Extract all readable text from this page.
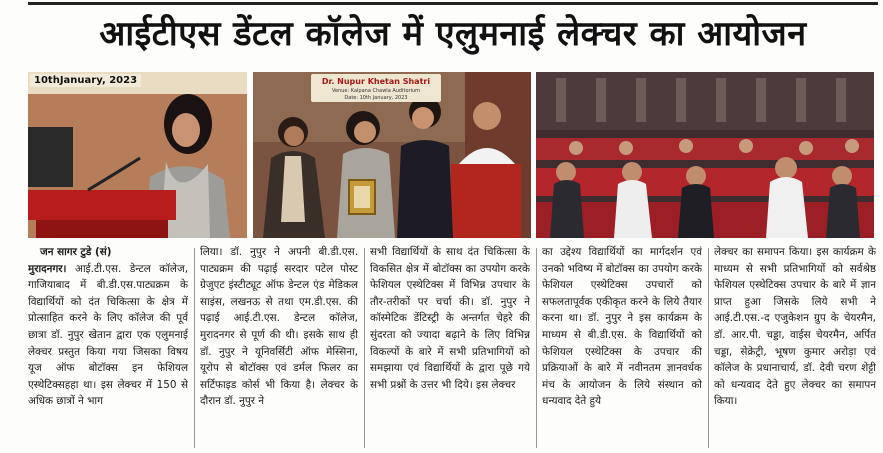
आईटीएस डेंटल कॉलेज में एलुमनाई लेक्चर का आयोजन
10thJanuary, 2023	Dr. Nupur Khetan Shatri
Venue: Kalpana Chawla Auditorium
Date: 10th January, 2023

जन सागर टुडे (सं)

मुरादनगर। आई.टी.एस. डेन्टल कॉलेज, गाजियाबाद में बी.डी.एस.पाट्यक्रम के विद्यार्थियों को दंत चिकित्सा के क्षेत्र में प्रोत्साहित करने के लिए कॉलेज की पूर्व छात्रा डॉ. नुपुर खेतान द्वारा एक एलुमनाई लेक्चर प्रस्तुत किया गया जिसका विषय यूज ऑफ बोटॉक्स इन फेशियल एस्थेटिक्सहहा था। इस लेक्चर में 150 से अधिक छात्रों ने भाग

लिया। डॉ. नुपुर ने अपनी बी.डी.एस. पाट्यक्रम की पढ़ाई सरदार पटेल पोस्ट ग्रेजुएट इंस्टीट्यूट ऑफ डेन्टल एंड मेडिकल साइंस, लखनऊ से तथा एम.डी.एस. की पढ़ाई आई.टी.एस. डेन्टल कॉलेज, मुरादनगर से पूर्ण की थी। इसके साथ ही डॉ. नुपुर ने यूनिवर्सिटी ऑफ मेस्सिना, यूरोप से बोटॉक्स एवं डर्मल फिलर का सर्टिफाइड कोर्स भी किया है। लेक्चर के दौरान डॉ. नुपुर ने

सभी विद्यार्थियों के साथ दंत चिकित्सा के विकसित क्षेत्र में बोटॉक्स का उपयोग करके फेशियल एस्थेटिक्स में विभिन्न उपचार के तौर-तरीकों पर चर्चा की। डॉ. नुपुर ने कॉस्मेटिक डेंटिस्ट्री के अन्तर्गत चेहरे की सुंदरता को ज्यादा बढ़ाने के लिए विभिन्न विकल्पों के बारे में सभी प्रतिभागियों को समझाया एवं विद्यार्थियों के द्वारा पूछे गये सभी प्रश्नों के उत्तर भी दिये। इस लेक्चर

का उद्देश्य विद्यार्थियों का मार्गदर्शन एवं उनको भविष्य में बोटॉक्स का उपयोग करके फेशियल एस्थेटिक्स उपचारों को सफलतापूर्वक एकीकृत करने के लिये तैयार करना था। डॉ. नुपुर ने इस कार्यक्रम के माध्यम से बी.डी.एस. के विद्यार्थियों को फेशियल एस्थेटिक्स के उपचार की प्रक्रियाओं के बारे में नवीनतम ज्ञानवर्धक मंच के आयोजन के लिये संस्थान को धन्यवाद देते हुये

लेक्चर का समापन किया। इस कार्यक्रम के माध्यम से सभी प्रतिभागियों को सर्वश्रेष्ठ फेशियल एस्थेटिक्स उपचार के बारे में ज्ञान प्राप्त हुआ जिसके लिये सभी ने आई.टी.एस.-द एजुकेशन ग्रुप के चेयरमैन, डॉ. आर.पी. चड्डा, वाईस चेयरमैन, अर्पित चड्डा, सेक्रेट्री, भूषण कुमार अरोड़ा एवं कॉलेज के प्रधानाचार्य, डॉ. देवी चरण शेट्टी को धन्यवाद देते हुए लेक्चर का समापन किया।
